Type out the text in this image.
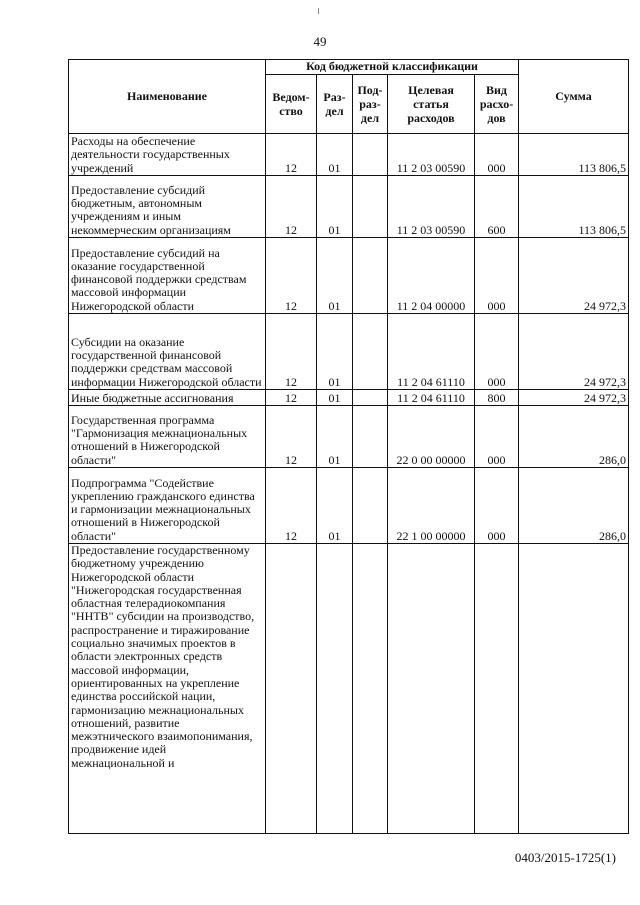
49
Наименование	Код бюджетной классификации					Сумма
	Ведом-ство	Раз-дел	Под-раз-дел	Целевая статья расходов	Вид расхо-дов	
Расходы на обеспечение деятельности государственных учреждений	12	01		11 2 03 00590	000	113 806,5
Предоставление субсидий бюджетным, автономным учреждениям и иным некоммерческим организациям	12	01		11 2 03 00590	600	113 806,5
Предоставление субсидий на оказание государственной финансовой поддержки средствам массовой информации Нижегородской области	12	01		11 2 04 00000	000	24 972,3
Субсидии на оказание государственной финансовой поддержки средствам массовой информации Нижегородской области	12	01		11 2 04 61110	000	24 972,3
Иные бюджетные ассигнования	12	01		11 2 04 61110	800	24 972,3
Государственная программа "Гармонизация межнациональных отношений в Нижегородской области"	12	01		22 0 00 00000	000	286,0
Подпрограмма "Содействие укреплению гражданского единства и гармонизации межнациональных отношений в Нижегородской области"	12	01		22 1 00 00000	000	286,0
Предоставление государственному бюджетному учреждению Нижегородской области "Нижегородская государственная областная телерадиокомпания "ННТВ" субсидии на производство, распространение и тиражирование социально значимых проектов в области электронных средств массовой информации, ориентированных на укрепление единства российской нации, гармонизацию межнациональных отношений, развитие межэтнического взаимопонимания, продвижение идей межнациональной и						
0403/2015-1725(1)
